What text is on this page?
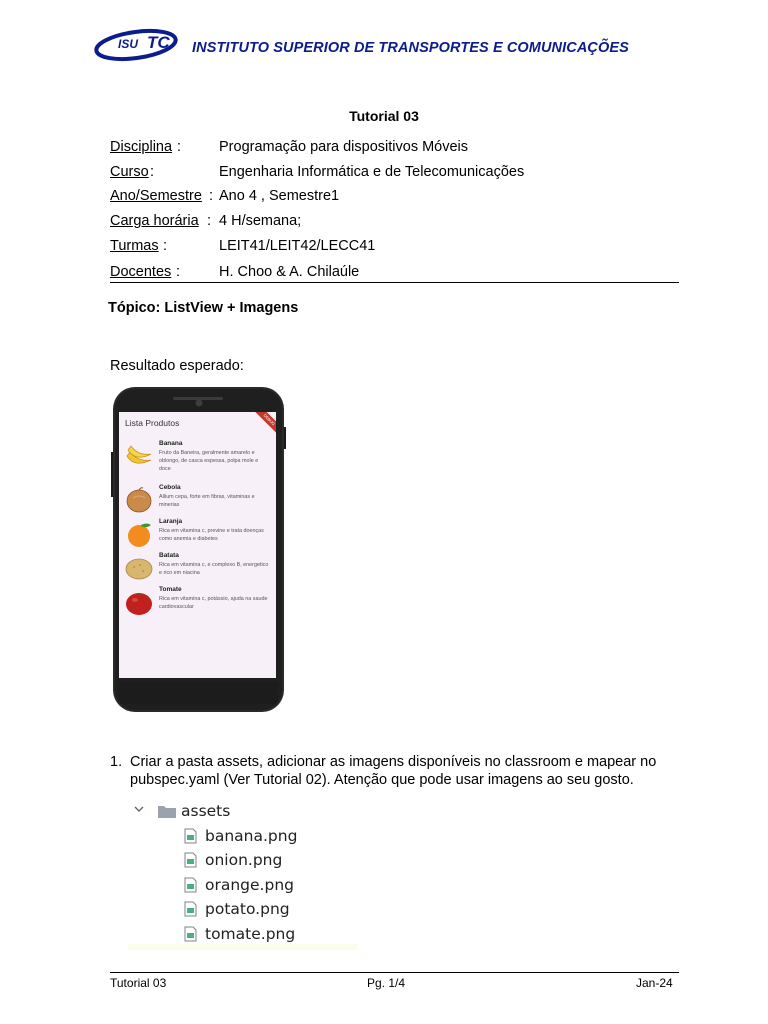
ISU TC INSTITUTO SUPERIOR DE TRANSPORTES E COMUNICAÇÕES
Tutorial 03
Disciplina :	Programação para dispositivos Móveis
Curso :	Engenharia Informática e de Telecomunicações
Ano/Semestre : Ano 4 , Semestre1
Carga horária : 4 H/semana;
Turmas :	LEIT41/LEIT42/LECC41
Docentes :	H. Choo & A. Chilaúle
Tópico: ListView + Imagens
Resultado esperado:
Lista Produtos	DEBUG
Banana
Fruto da Baneira, geralmente amarelo e oblongo, de casca espessa, polpa mole e doce
Cebola
Allium cepa, forte em fibras, vitaminas e minerias
Laranja
Rica em vitamina c, previne e trata doenças como anemia e diabetes
Batata
Rica em vitamina c, e complexo B, energetico e rico em niacina
Tomate
Rica em vitamina c, potássio, ajuda na saude cardiovascular
1. Criar a pasta assets, adicionar as imagens disponíveis no classroom e mapear no pubspec.yaml (Ver Tutorial 02). Atenção que pode usar imagens ao seu gosto.
assets
banana.png
onion.png
orange.png
potato.png
tomate.png
Tutorial 03	Pg. 1/4	Jan-24
